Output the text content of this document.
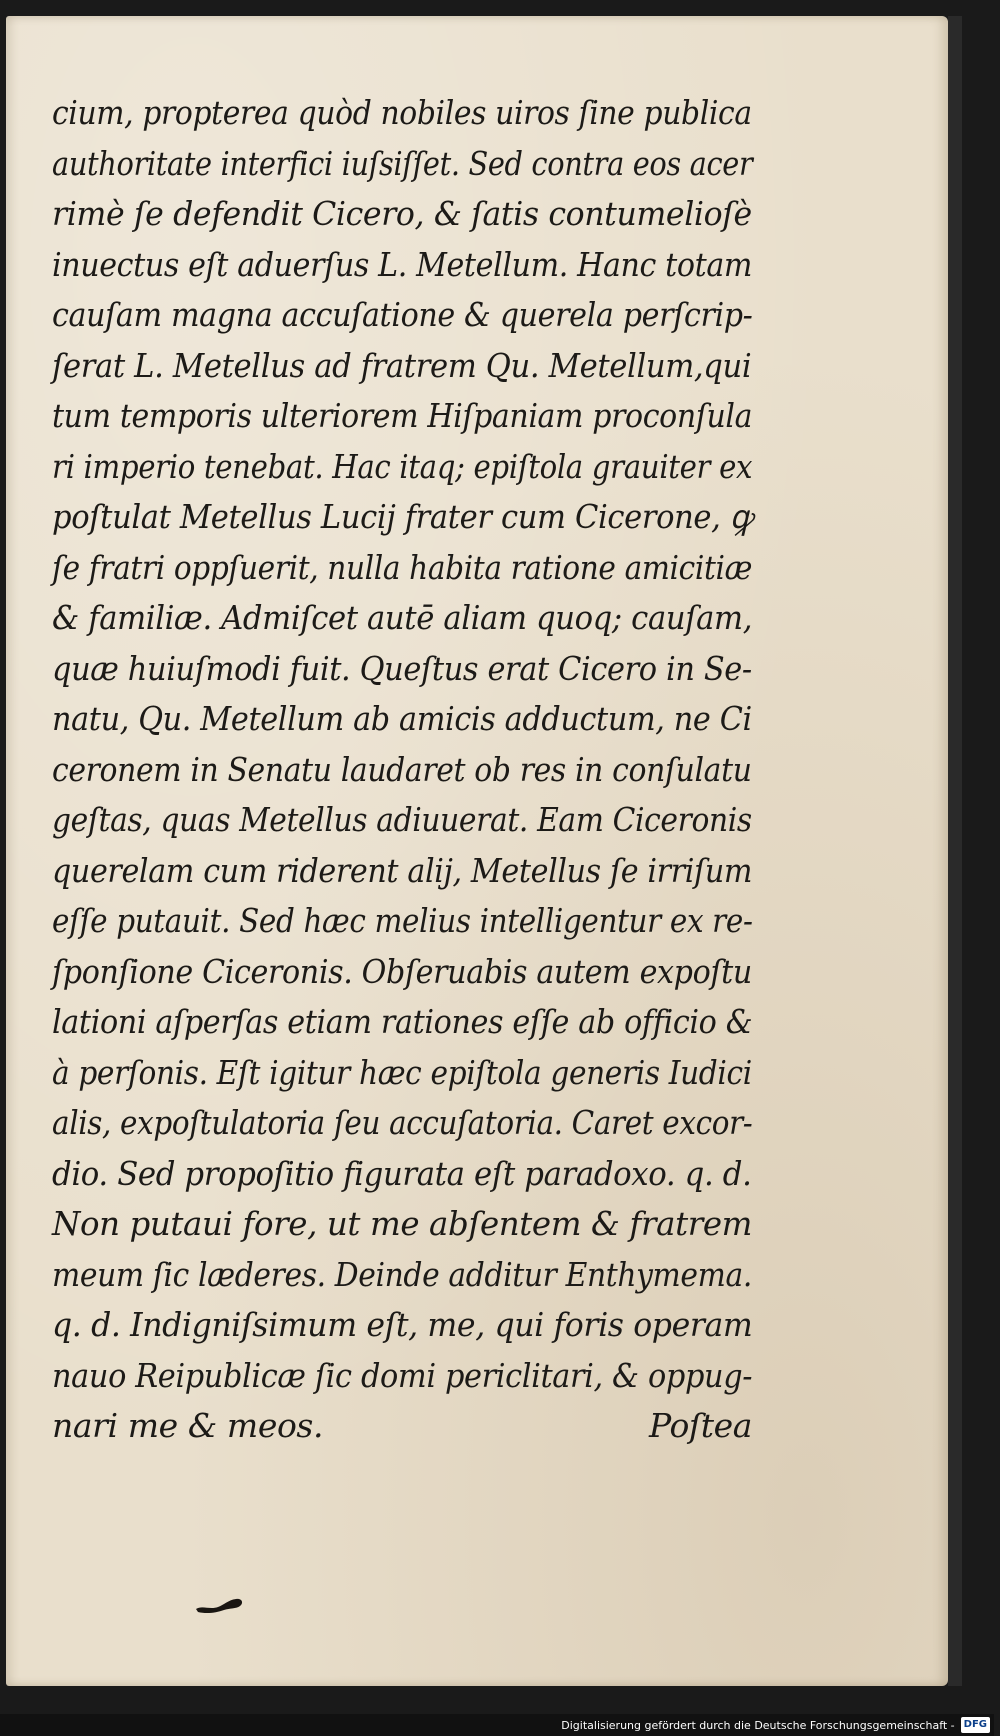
cium, propterea quòd nobiles uiros ſine publica
authoritate interfici iuſsiſſet. Sed contra eos acer
rimè ſe defendit Cicero, & ſatis contumelioſè
inuectus eſt aduerſus L. Metellum. Hanc totam
cauſam magna accuſatione & querela perſcrip-
ſerat L. Metellus ad fratrem Qu. Metellum,qui
tum temporis ulteriorem Hiſpaniam proconſula
ri imperio tenebat. Hac itaq; epiſtola grauiter ex
poſtulat Metellus Lucij frater cum Cicerone, ꝙ
ſe fratri oppſuerit, nulla habita ratione amicitiæ
& familiæ. Admiſcet autē aliam quoq; cauſam,
quæ huiuſmodi fuit. Queſtus erat Cicero in Se-
natu, Qu. Metellum ab amicis adductum, ne Ci
ceronem in Senatu laudaret ob res in conſulatu
geſtas, quas Metellus adiuuerat. Eam Ciceronis
querelam cum riderent alij, Metellus ſe irriſum
eſſe putauit. Sed hæc melius intelligentur ex re-
ſponſione Ciceronis. Obſeruabis autem expoſtu
lationi aſperſas etiam rationes eſſe ab officio &
à perſonis. Eſt igitur hæc epiſtola generis Iudici
alis, expoſtulatoria ſeu accuſatoria. Caret excor-
dio. Sed propoſitio figurata eſt paradoxo. q. d.
Non putaui fore, ut me abſentem & fratrem
meum ſic læderes. Deinde additur Enthymema.
q. d. Indigniſsimum eſt, me, qui foris operam
nauo Reipublicæ ſic domi periclitari, & oppug-
nari me & meos.	Poſtea
Digitalisierung gefördert durch die Deutsche Forschungsgemeinschaft - DFG
